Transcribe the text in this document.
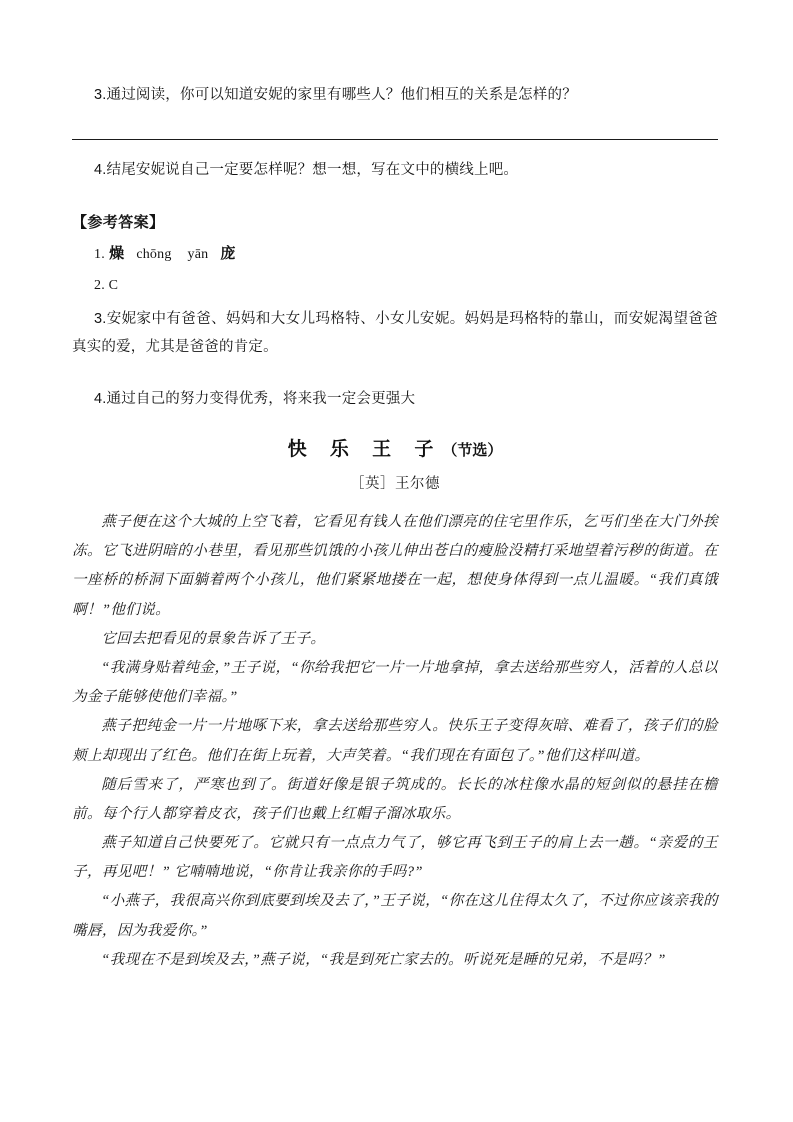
3.通过阅读，你可以知道安妮的家里有哪些人？他们相互的关系是怎样的？

4.结尾安妮说自己一定要怎样呢？想一想，写在文中的横线上吧。

【参考答案】

1. 燥 chōng yān 庞

2. C

3.安妮家中有爸爸、妈妈和大女儿玛格特、小女儿安妮。妈妈是玛格特的靠山，而安妮渴望爸爸真实的爱，尤其是爸爸的肯定。

4.通过自己的努力变得优秀，将来我一定会更强大

快 乐 王 子（节选）

［英］王尔德

燕子便在这个大城的上空飞着，它看见有钱人在他们漂亮的住宅里作乐，乞丐们坐在大门外挨冻。它飞进阴暗的小巷里，看见那些饥饿的小孩儿伸出苍白的瘦脸没精打采地望着污秽的街道。在一座桥的桥洞下面躺着两个小孩儿，他们紧紧地搂在一起，想使身体得到一点儿温暖。“我们真饿啊！”他们说。

它回去把看见的景象告诉了王子。

“我满身贴着纯金，”王子说，“你给我把它一片一片地拿掉，拿去送给那些穷人，活着的人总以为金子能够使他们幸福。”

燕子把纯金一片一片地啄下来，拿去送给那些穷人。快乐王子变得灰暗、难看了，孩子们的脸颊上却现出了红色。他们在街上玩着，大声笑着。“我们现在有面包了。”他们这样叫道。

随后雪来了，严寒也到了。街道好像是银子筑成的。长长的冰柱像水晶的短剑似的悬挂在檐前。每个行人都穿着皮衣，孩子们也戴上红帽子溜冰取乐。

燕子知道自己快要死了。它就只有一点点力气了，够它再飞到王子的肩上去一趟。“亲爱的王子，再见吧！” 它喃喃地说，“你肯让我亲你的手吗?”

“小燕子，我很高兴你到底要到埃及去了，”王子说，“你在这儿住得太久了，不过你应该亲我的嘴唇，因为我爱你。”

“我现在不是到埃及去，”燕子说，“我是到死亡家去的。听说死是睡的兄弟，不是吗？”
